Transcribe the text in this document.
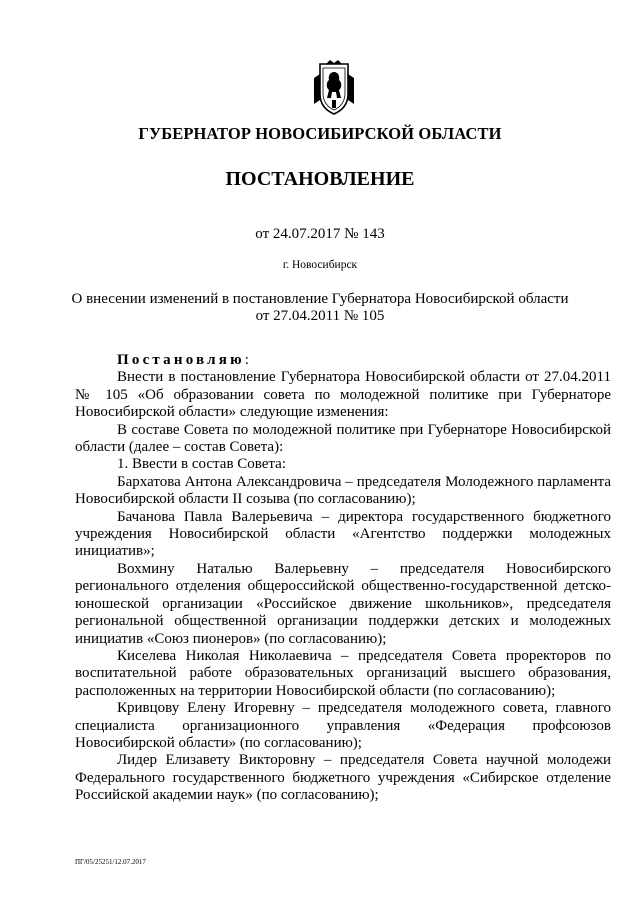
ГУБЕРНАТОР НОВОСИБИРСКОЙ ОБЛАСТИ
ПОСТАНОВЛЕНИЕ
от 24.07.2017 № 143
г. Новосибирск
О внесении изменений в постановление Губернатора Новосибирской области
от 27.04.2011 № 105

Постановляю:

Внести в постановление Губернатора Новосибирской области от 27.04.2011 № 105 «Об образовании совета по молодежной политике при Губернаторе Новосибирской области» следующие изменения:

В составе Совета по молодежной политике при Губернаторе Новосибирской области (далее – состав Совета):

1. Ввести в состав Совета:

Бархатова Антона Александровича – председателя Молодежного парламента Новосибирской области II созыва (по согласованию);

Бачанова Павла Валерьевича – директора государственного бюджетного учреждения Новосибирской области «Агентство поддержки молодежных инициатив»;

Вохмину Наталью Валерьевну – председателя Новосибирского регионального отделения общероссийской общественно-государственной детско-юношеской организации «Российское движение школьников», председателя региональной общественной организации поддержки детских и молодежных инициатив «Союз пионеров» (по согласованию);

Киселева Николая Николаевича – председателя Совета проректоров по воспитательной работе образовательных организаций высшего образования, расположенных на территории Новосибирской области (по согласованию);

Кривцову Елену Игоревну – председателя молодежного совета, главного специалиста организационного управления «Федерация профсоюзов Новосибирской области» (по согласованию);

Лидер Елизавету Викторовну – председателя Совета научной молодежи Федерального государственного бюджетного учреждения «Сибирское отделение Российской академии наук» (по согласованию);

ПГ/05/25251/12.07.2017
